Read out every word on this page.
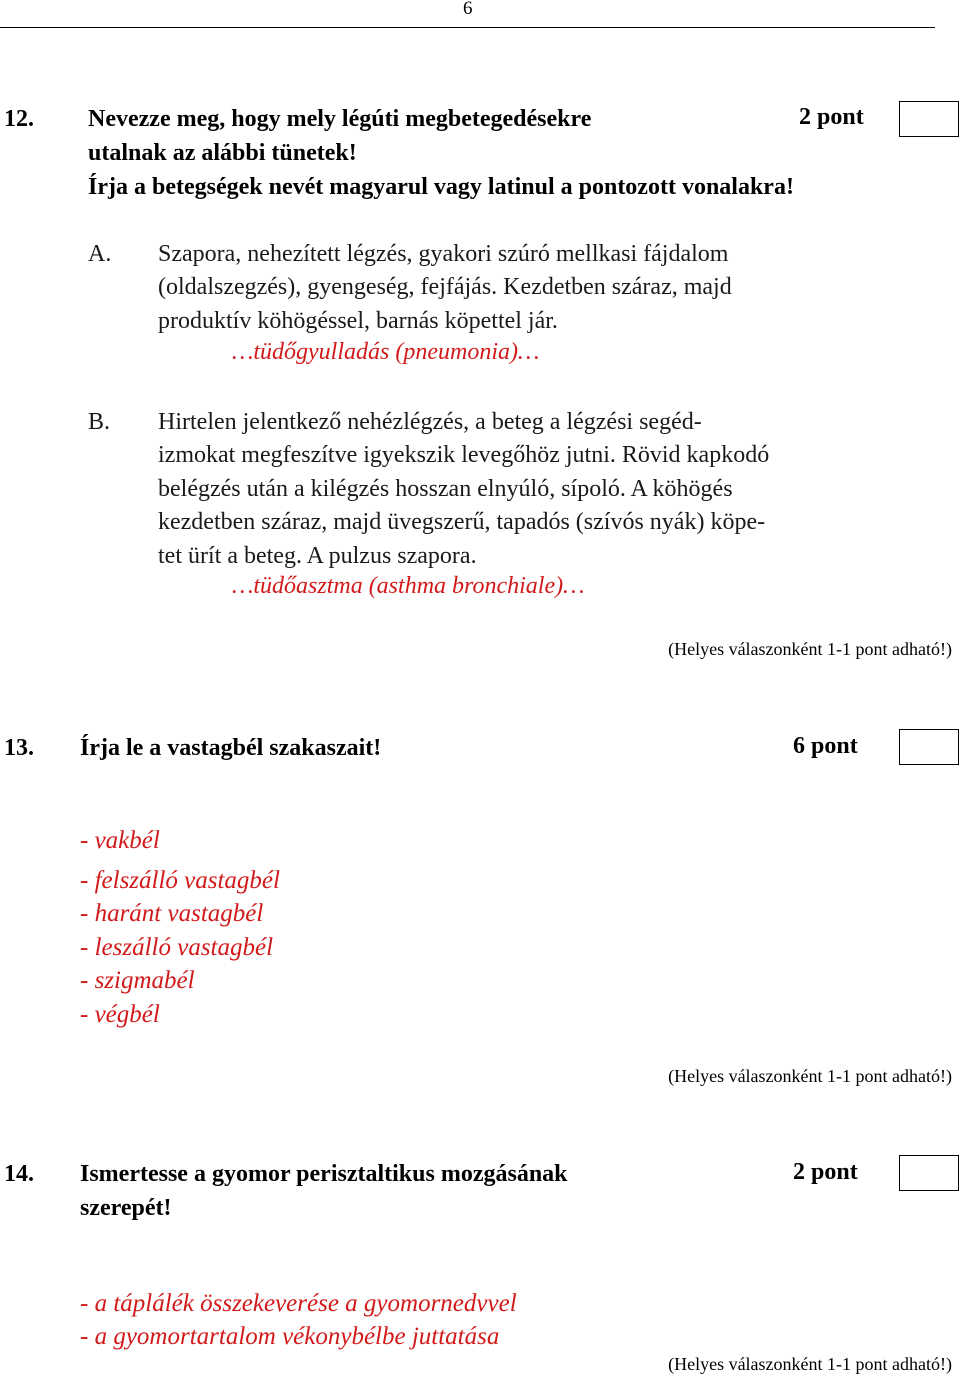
6
12. Nevezze meg, hogy mely légúti megbetegedésekre	2 pont
utalnak az alábbi tünetek!
Írja a betegségek nevét magyarul vagy latinul a pontozott vonalakra!
A. Szapora, nehezített légzés, gyakori szúró mellkasi fájdalom
(oldalszegzés), gyengeség, fejfájás. Kezdetben száraz, majd
produktív köhögéssel, barnás köpettel jár.
…tüdőgyulladás (pneumonia)…
B. Hirtelen jelentkező nehézlégzés, a beteg a légzési segéd-
izmokat megfeszítve igyekszik levegőhöz jutni. Rövid kapkodó
belégzés után a kilégzés hosszan elnyúló, sípoló. A köhögés
kezdetben száraz, majd üvegszerű, tapadós (szívós nyák) köpe-
tet ürít a beteg. A pulzus szapora.
…tüdőasztma (asthma bronchiale)…
(Helyes válaszonként 1-1 pont adható!)
13. Írja le a vastagbél szakaszait!	6 pont
- vakbél
- felszálló vastagbél
- haránt vastagbél
- leszálló vastagbél
- szigmabél
- végbél
(Helyes válaszonként 1-1 pont adható!)
14. Ismertesse a gyomor perisztaltikus mozgásának	2 pont
szerepét!
- a táplálék összekeverése a gyomornedvvel
- a gyomortartalom vékonybélbe juttatása
(Helyes válaszonként 1-1 pont adható!)
